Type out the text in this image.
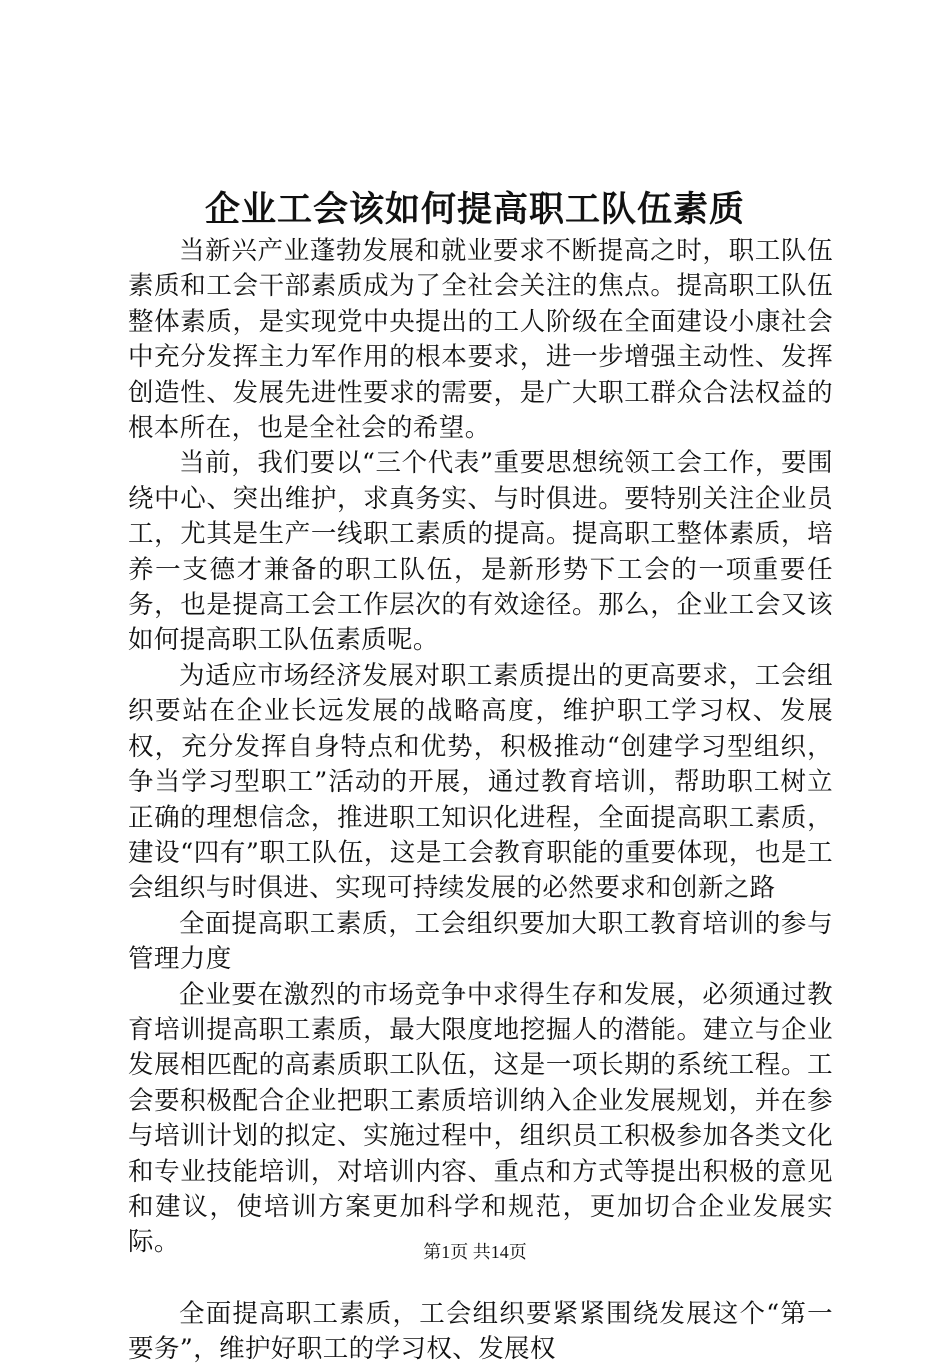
企业工会该如何提高职工队伍素质

当新兴产业蓬勃发展和就业要求不断提高之时，职工队伍素质和工会干部素质成为了全社会关注的焦点。提高职工队伍整体素质，是实现党中央提出的工人阶级在全面建设小康社会中充分发挥主力军作用的根本要求，进一步增强主动性、发挥创造性、发展先进性要求的需要，是广大职工群众合法权益的根本所在，也是全社会的希望。

当前，我们要以“三个代表”重要思想统领工会工作，要围绕中心、突出维护，求真务实、与时俱进。要特别关注企业员工，尤其是生产一线职工素质的提高。提高职工整体素质，培养一支德才兼备的职工队伍，是新形势下工会的一项重要任务，也是提高工会工作层次的有效途径。那么，企业工会又该如何提高职工队伍素质呢。

为适应市场经济发展对职工素质提出的更高要求，工会组织要站在企业长远发展的战略高度，维护职工学习权、发展权，充分发挥自身特点和优势，积极推动“创建学习型组织，争当学习型职工”活动的开展，通过教育培训，帮助职工树立正确的理想信念，推进职工知识化进程，全面提高职工素质，建设“四有”职工队伍，这是工会教育职能的重要体现，也是工会组织与时俱进、实现可持续发展的必然要求和创新之路

全面提高职工素质，工会组织要加大职工教育培训的参与管理力度

企业要在激烈的市场竞争中求得生存和发展，必须通过教育培训提高职工素质，最大限度地挖掘人的潜能。建立与企业发展相匹配的高素质职工队伍，这是一项长期的系统工程。工会要积极配合企业把职工素质培训纳入企业发展规划，并在参与培训计划的拟定、实施过程中，组织员工积极参加各类文化和专业技能培训，对培训内容、重点和方式等提出积极的意见和建议，使培训方案更加科学和规范，更加切合企业发展实际。

全面提高职工素质，工会组织要紧紧围绕发展这个“第一要务”，维护好职工的学习权、发展权

第1页 共14页
